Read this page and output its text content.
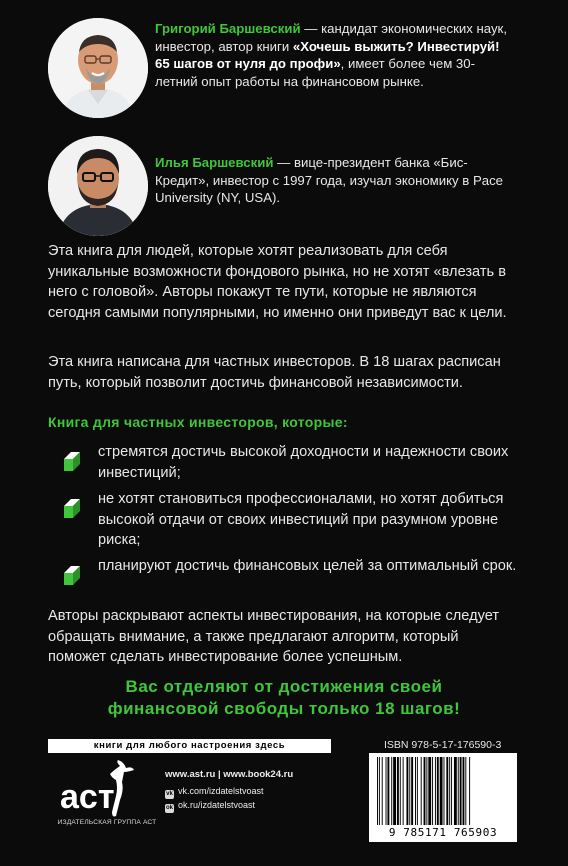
Григорий Баршевский — кандидат экономических наук, инвестор, автор книги «Хочешь выжить? Инвестируй! 65 шагов от нуля до профи», имеет более чем 30-летний опыт работы на финансовом рынке.
Илья Баршевский — вице-президент банка «Бис-Кредит», инвестор с 1997 года, изучал экономику в Pace University (NY, USA).
Эта книга для людей, которые хотят реализовать для себя уникальные возможности фондового рынка, но не хотят «влезать в него с головой». Авторы покажут те пути, которые не являются сегодня самыми популярными, но именно они приведут вас к цели.
Эта книга написана для частных инвесторов. В 18 шагах расписан путь, который позволит достичь финансовой независимости.
Книга для частных инвесторов, которые:
стремятся достичь высокой доходности и надежности своих инвестиций;
не хотят становиться профессионалами, но хотят добиться высокой отдачи от своих инвестиций при разумном уровне риска;
планируют достичь финансовых целей за оптимальный срок.
Авторы раскрывают аспекты инвестирования, на которые следует обращать внимание, а также предлагают алгоритм, который поможет сделать инвестирование более успешным.
Вас отделяют от достижения своей
финансовой свободы только 18 шагов!
книги для любого настроения здесь
аст
ИЗДАТЕЛЬСКАЯ ГРУППА АСТ
www.ast.ru | www.book24.ru
vk vk.com/izdatelstvoast
ok ok.ru/izdatelstvoast
ISBN 978-5-17-176590-3
9 785171 765903
